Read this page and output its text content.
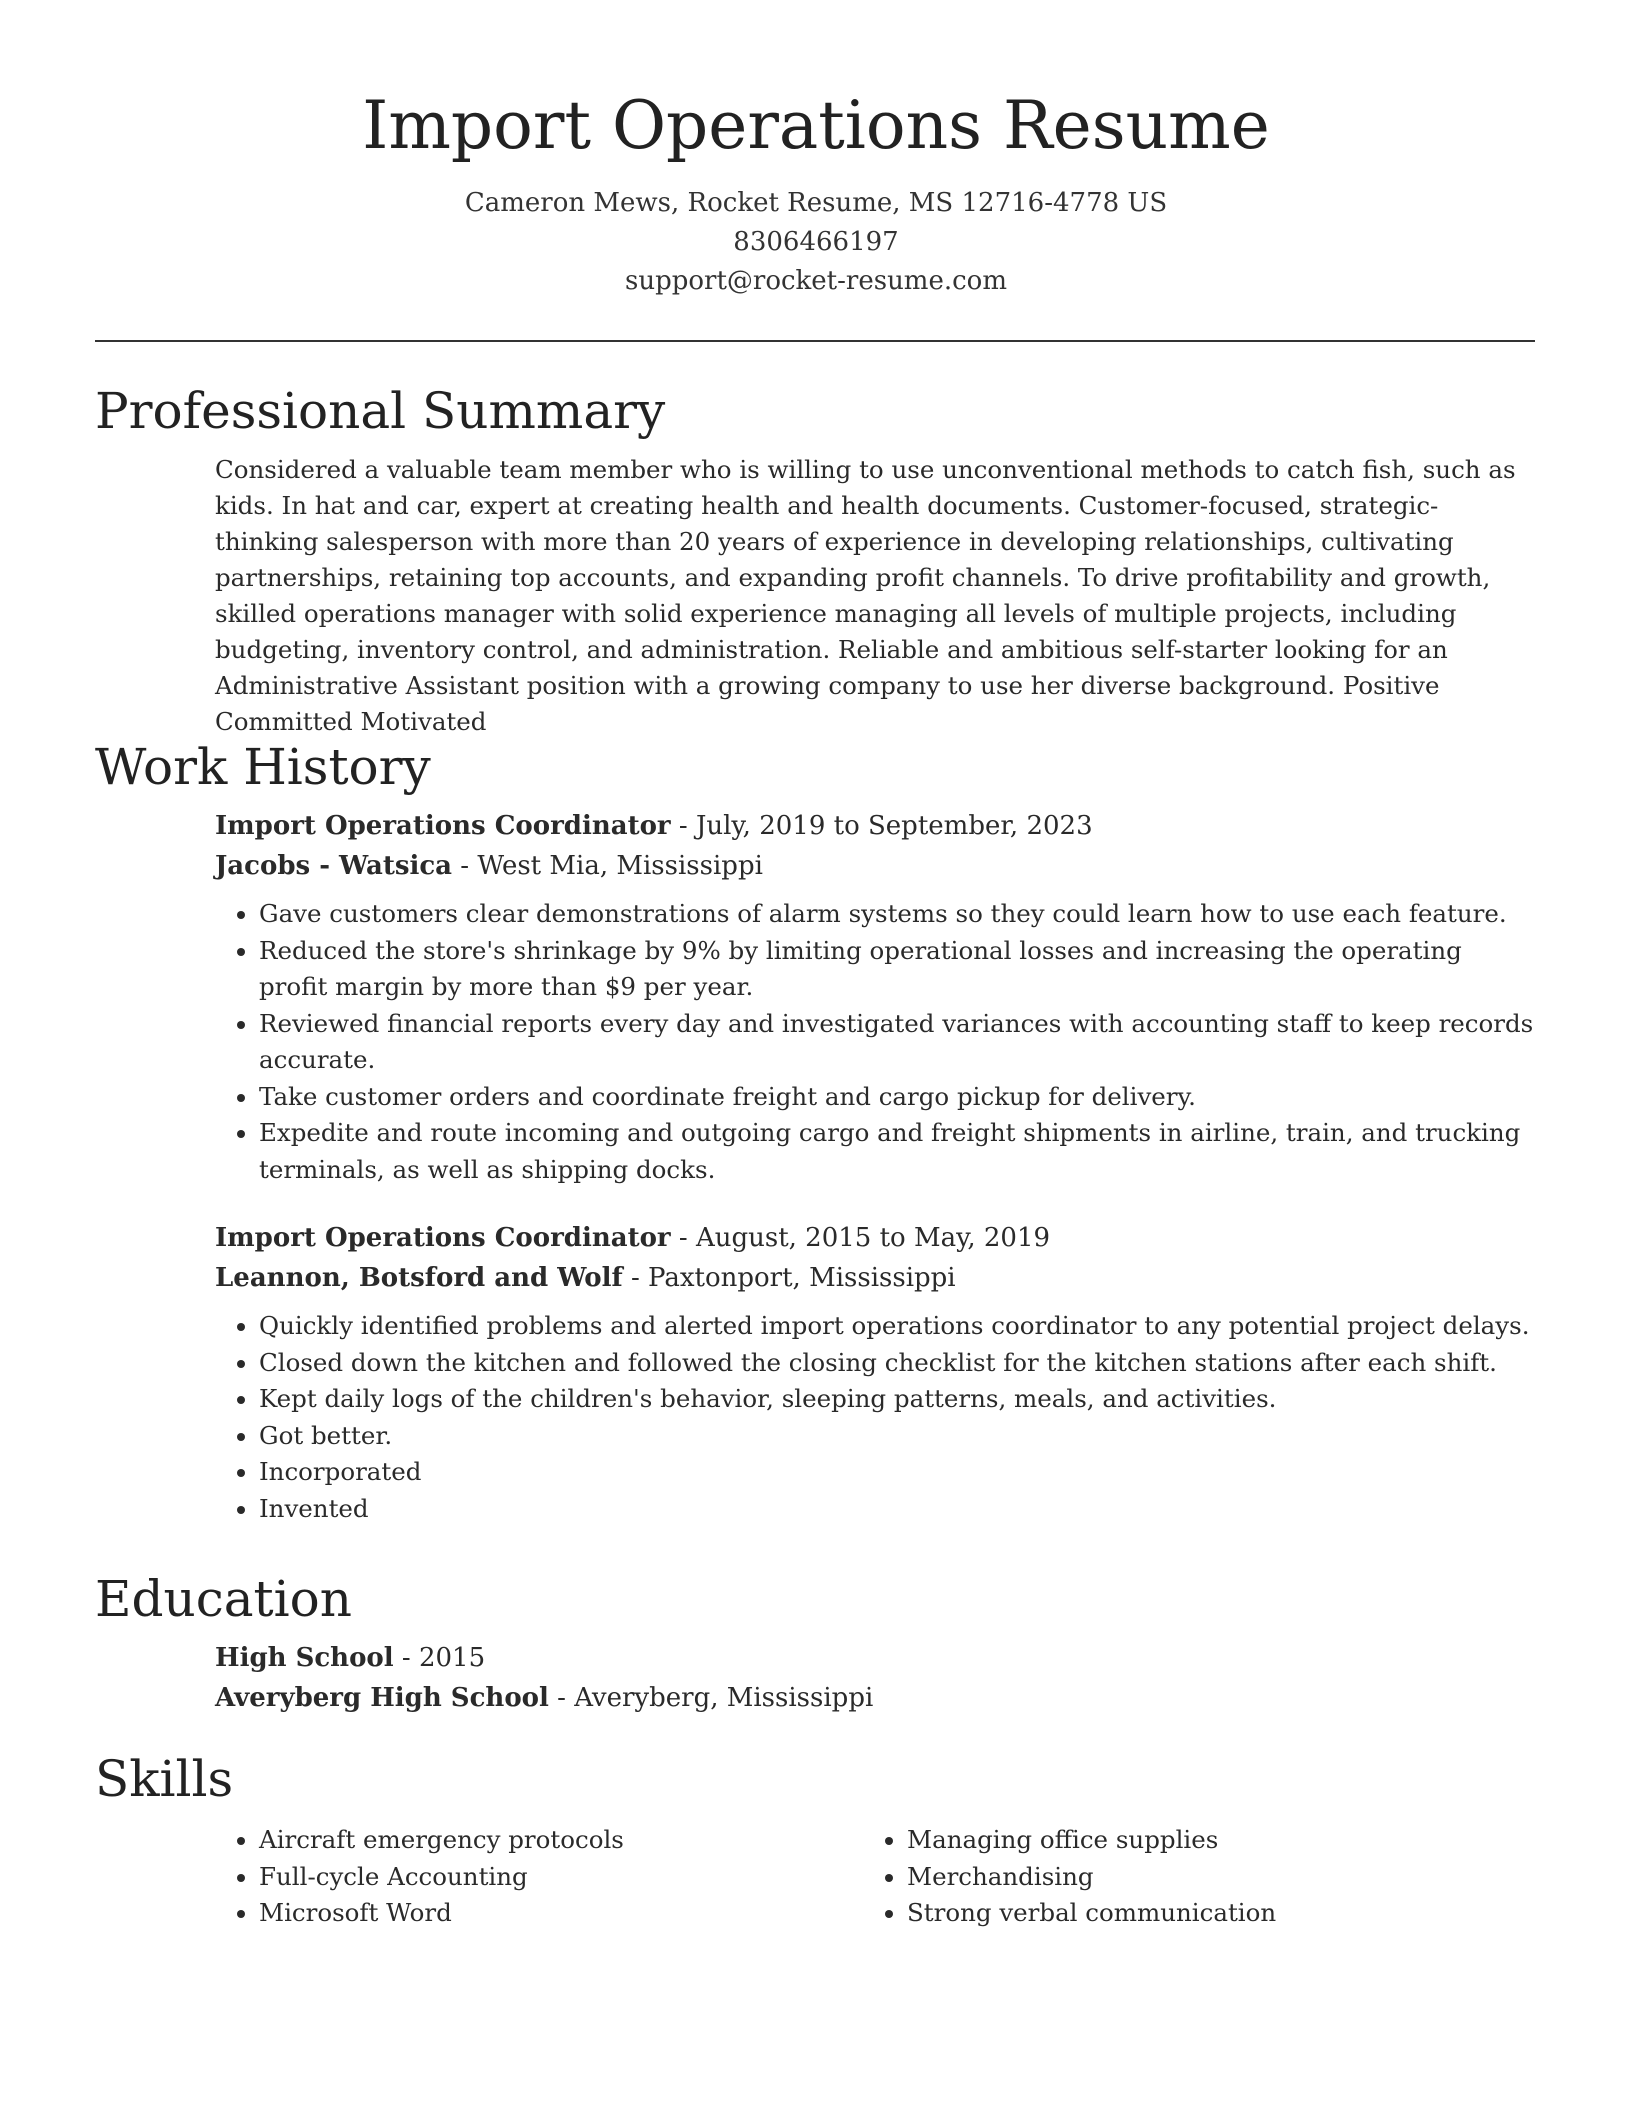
Import Operations Resume
Cameron Mews, Rocket Resume, MS 12716-4778 US
8306466197
support@rocket-resume.com
Professional Summary
Considered a valuable team member who is willing to use unconventional methods to catch fish, such as kids. In hat and car, expert at creating health and health documents. Customer-focused, strategic-thinking salesperson with more than 20 years of experience in developing relationships, cultivating partnerships, retaining top accounts, and expanding profit channels. To drive profitability and growth, skilled operations manager with solid experience managing all levels of multiple projects, including budgeting, inventory control, and administration. Reliable and ambitious self-starter looking for an Administrative Assistant position with a growing company to use her diverse background. Positive Committed Motivated
Work History
Import Operations Coordinator - July, 2019 to September, 2023
Jacobs - Watsica - West Mia, Mississippi
• Gave customers clear demonstrations of alarm systems so they could learn how to use each feature.
• Reduced the store's shrinkage by 9% by limiting operational losses and increasing the operating profit margin by more than $9 per year.
• Reviewed financial reports every day and investigated variances with accounting staff to keep records accurate.
• Take customer orders and coordinate freight and cargo pickup for delivery.
• Expedite and route incoming and outgoing cargo and freight shipments in airline, train, and trucking terminals, as well as shipping docks.
Import Operations Coordinator - August, 2015 to May, 2019
Leannon, Botsford and Wolf - Paxtonport, Mississippi
• Quickly identified problems and alerted import operations coordinator to any potential project delays.
• Closed down the kitchen and followed the closing checklist for the kitchen stations after each shift.
• Kept daily logs of the children's behavior, sleeping patterns, meals, and activities.
• Got better.
• Incorporated
• Invented
Education
High School - 2015
Averyberg High School - Averyberg, Mississippi
Skills
• Aircraft emergency protocols
• Full-cycle Accounting
• Microsoft Word
• Managing office supplies
• Merchandising
• Strong verbal communication
